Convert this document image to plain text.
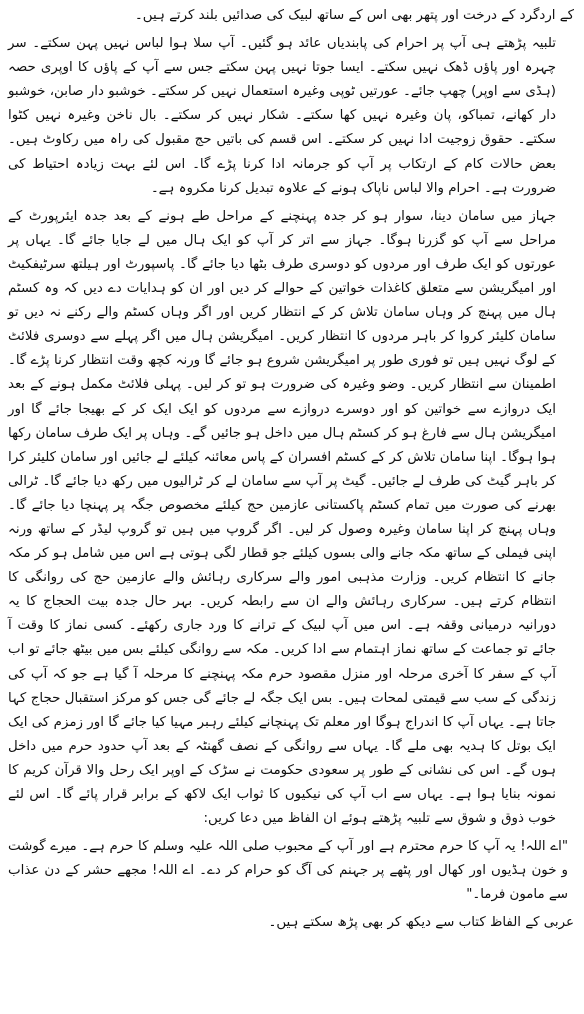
کے اردگرد کے درخت اور پتھر بھی اس کے ساتھ لبیک کی صدائیں بلند کرتے ہیں۔

تلبیہ پڑھتے ہی آپ پر احرام کی پابندیاں عائد ہو گئیں۔ آپ سلا ہوا لباس نہیں پہن سکتے۔ سر چہرہ اور پاؤں ڈھک نہیں سکتے۔ ایسا جوتا نہیں پہن سکتے جس سے آپ کے پاؤں کا اوپری حصہ (ہڈی سے اوپر) چھپ جائے۔ عورتیں ٹوپی وغیرہ استعمال نہیں کر سکتے۔ خوشبو دار صابن، خوشبو دار کھانے، تمباکو، پان وغیرہ نہیں کھا سکتے۔ شکار نہیں کر سکتے۔ بال ناخن وغیرہ نہیں کٹوا سکتے۔ حقوق زوجیت ادا نہیں کر سکتے۔ اس قسم کی باتیں حج مقبول کی راہ میں رکاوٹ ہیں۔ بعض حالات کام کے ارتکاب پر آپ کو جرمانہ ادا کرنا پڑے گا۔ اس لئے بہت زیادہ احتیاط کی ضرورت ہے۔ احرام والا لباس ناپاک ہونے کے علاوہ تبدیل کرنا مکروہ ہے۔

جہاز میں سامان دینا، سوار ہو کر جدہ پہنچنے کے مراحل طے ہونے کے بعد جدہ ایئرپورٹ کے مراحل سے آپ کو گزرنا ہوگا۔ جہاز سے اتر کر آپ کو ایک ہال میں لے جایا جائے گا۔ یہاں پر عورتوں کو ایک طرف اور مردوں کو دوسری طرف بٹھا دیا جائے گا۔ پاسپورٹ اور ہیلتھ سرٹیفکیٹ اور امیگریشن سے متعلق کاغذات خواتین کے حوالے کر دیں اور ان کو ہدایات دے دیں کہ وہ کسٹم ہال میں پہنچ کر وہاں سامان تلاش کر کے انتظار کریں اور اگر وہاں کسٹم والے رکنے نہ دیں تو سامان کلیئر کروا کر باہر مردوں کا انتظار کریں۔ امیگریشن ہال میں اگر پہلے سے دوسری فلائٹ کے لوگ نہیں ہیں تو فوری طور پر امیگریشن شروع ہو جائے گا ورنہ کچھ وقت انتظار کرنا پڑے گا۔ اطمینان سے انتظار کریں۔ وضو وغیرہ کی ضرورت ہو تو کر لیں۔ پہلی فلائٹ مکمل ہونے کے بعد ایک دروازے سے خواتین کو اور دوسرے دروازے سے مردوں کو ایک ایک کر کے بھیجا جائے گا اور امیگریشن ہال سے فارغ ہو کر کسٹم ہال میں داخل ہو جائیں گے۔ وہاں پر ایک طرف سامان رکھا ہوا ہوگا۔ اپنا سامان تلاش کر کے کسٹم افسران کے پاس معائنہ کیلئے لے جائیں اور سامان کلیئر کرا کر باہر گیٹ کی طرف لے جائیں۔ گیٹ پر آپ سے سامان لے کر ٹرالیوں میں رکھ دیا جائے گا۔ ٹرالی بھرنے کی صورت میں تمام کسٹم پاکستانی عازمین حج کیلئے مخصوص جگہ پر پہنچا دیا جائے گا۔ وہاں پہنچ کر اپنا سامان وغیرہ وصول کر لیں۔ اگر گروپ میں ہیں تو گروپ لیڈر کے ساتھ ورنہ اپنی فیملی کے ساتھ مکہ جانے والی بسوں کیلئے جو قطار لگی ہوتی ہے اس میں شامل ہو کر مکہ جانے کا انتظام کریں۔ وزارت مذہبی امور والے سرکاری رہائش والے عازمین حج کی روانگی کا انتظام کرتے ہیں۔ سرکاری رہائش والے ان سے رابطہ کریں۔ بہر حال جدہ بیت الحجاج کا یہ دورانیہ درمیانی وقفہ ہے۔ اس میں آپ لبیک کے ترانے کا ورد جاری رکھئے۔ کسی نماز کا وقت آ جائے تو جماعت کے ساتھ نماز اہتمام سے ادا کریں۔ مکہ سے روانگی کیلئے بس میں بیٹھ جائے تو اب آپ کے سفر کا آخری مرحلہ اور منزل مقصود حرم مکہ پہنچنے کا مرحلہ آ گیا ہے جو کہ آپ کی زندگی کے سب سے قیمتی لمحات ہیں۔ بس ایک جگہ لے جائے گی جس کو مرکز استقبال حجاج کہا جاتا ہے۔ یہاں آپ کا اندراج ہوگا اور معلم تک پہنچانے کیلئے رہبر مہیا کیا جائے گا اور زمزم کی ایک ایک بوتل کا ہدیہ بھی ملے گا۔ یہاں سے روانگی کے نصف گھنٹہ کے بعد آپ حدود حرم میں داخل ہوں گے۔ اس کی نشانی کے طور پر سعودی حکومت نے سڑک کے اوپر ایک رحل والا قرآن کریم کا نمونہ بنایا ہوا ہے۔ یہاں سے اب آپ کی نیکیوں کا ثواب ایک لاکھ کے برابر قرار پائے گا۔ اس لئے خوب ذوق و شوق سے تلبیہ پڑھتے ہوئے ان الفاظ میں دعا کریں:

"اے اللہ! یہ آپ کا حرم محترم ہے اور آپ کے محبوب صلی اللہ علیہ وسلم کا حرم ہے۔ میرے گوشت و خون ہڈیوں اور کھال اور پٹھے پر جہنم کی آگ کو حرام کر دے۔ اے اللہ! مجھے حشر کے دن عذاب سے مامون فرما۔"

عربی کے الفاظ کتاب سے دیکھ کر بھی پڑھ سکتے ہیں۔
